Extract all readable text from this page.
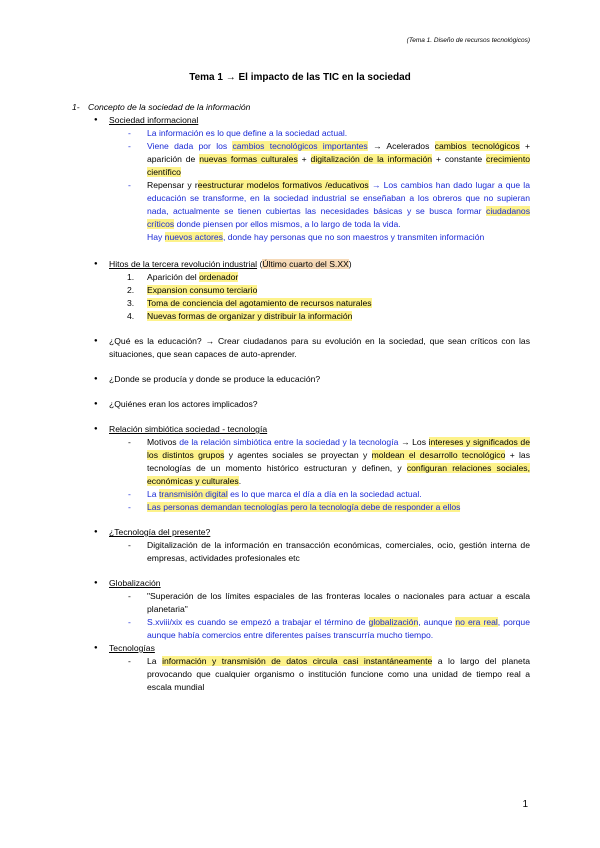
(Tema 1. Diseño de recursos tecnológicos)
Tema 1 → El impacto de las TIC en la sociedad
1- Concepto de la sociedad de la información
● Sociedad informacional
- La información es lo que define a la sociedad actual.
- Viene dada por los cambios tecnológicos importantes → Acelerados cambios tecnológicos + aparición de nuevas formas culturales + digitalización de la información + constante crecimiento científico
- Repensar y reestructurar modelos formativos /educativos → Los cambios han dado lugar a que la educación se transforme, en la sociedad industrial se enseñaban a los obreros que no supieran nada, actualmente se tienen cubiertas las necesidades básicas y se busca formar ciudadanos críticos donde piensen por ellos mismos, a lo largo de toda la vida.
Hay nuevos actores, donde hay personas que no son maestros y transmiten información
● Hitos de la tercera revolución industrial (Último cuarto del S.XX)
1. Aparición del ordenador
2. Expansion consumo terciario
3. Toma de conciencia del agotamiento de recursos naturales
4. Nuevas formas de organizar y distribuir la información
● ¿Qué es la educación? → Crear ciudadanos para su evolución en la sociedad, que sean críticos con las situaciones, que sean capaces de auto-aprender.
● ¿Donde se producía y donde se produce la educación?
● ¿Quiénes eran los actores implicados?
● Relación simbiótica sociedad - tecnología
- Motivos de la relación simbiótica entre la sociedad y la tecnología → Los intereses y significados de los distintos grupos y agentes sociales se proyectan y moldean el desarrollo tecnológico + las tecnologías de un momento histórico estructuran y definen, y configuran relaciones sociales, económicas y culturales.
- La transmisión digital es lo que marca el día a día en la sociedad actual.
- Las personas demandan tecnologías pero la tecnología debe de responder a ellos
● ¿Tecnología del presente?
- Digitalización de la información en transacción económicas, comerciales, ocio, gestión interna de empresas, actividades profesionales etc
● Globalización
- "Superación de los límites espaciales de las fronteras locales o nacionales para actuar a escala planetaria"
- S.xviii/xix es cuando se empezó a trabajar el término de globalización, aunque no era real, porque aunque había comercios entre diferentes países transcurría mucho tiempo.
● Tecnologías
- La información y transmisión de datos circula casi instantáneamente a lo largo del planeta provocando que cualquier organismo o institución funcione como una unidad de tiempo real a escala mundial
1
